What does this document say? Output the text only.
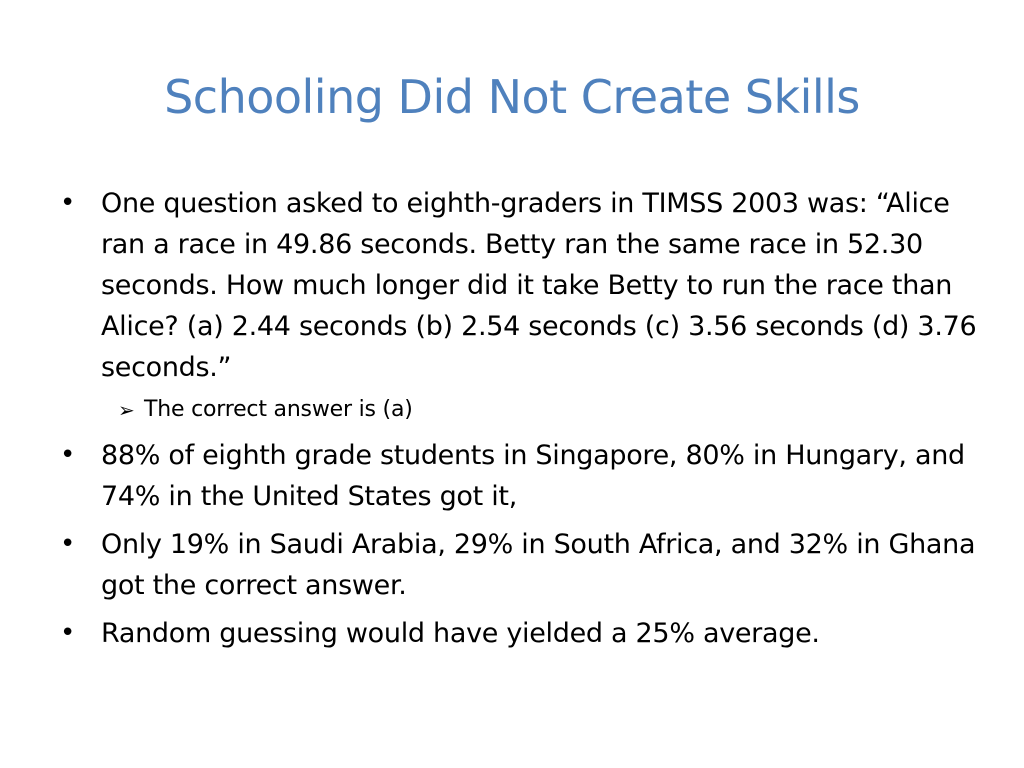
Schooling Did Not Create Skills
• One question asked to eighth-graders in TIMSS 2003 was: “Alice ran a race in 49.86 seconds. Betty ran the same race in 52.30 seconds. How much longer did it take Betty to run the race than Alice? (a) 2.44 seconds (b) 2.54 seconds (c) 3.56 seconds (d) 3.76 seconds.”
➢ The correct answer is (a)
• 88% of eighth grade students in Singapore, 80% in Hungary, and 74% in the United States got it,
• Only 19% in Saudi Arabia, 29% in South Africa, and 32% in Ghana got the correct answer.
• Random guessing would have yielded a 25% average.
